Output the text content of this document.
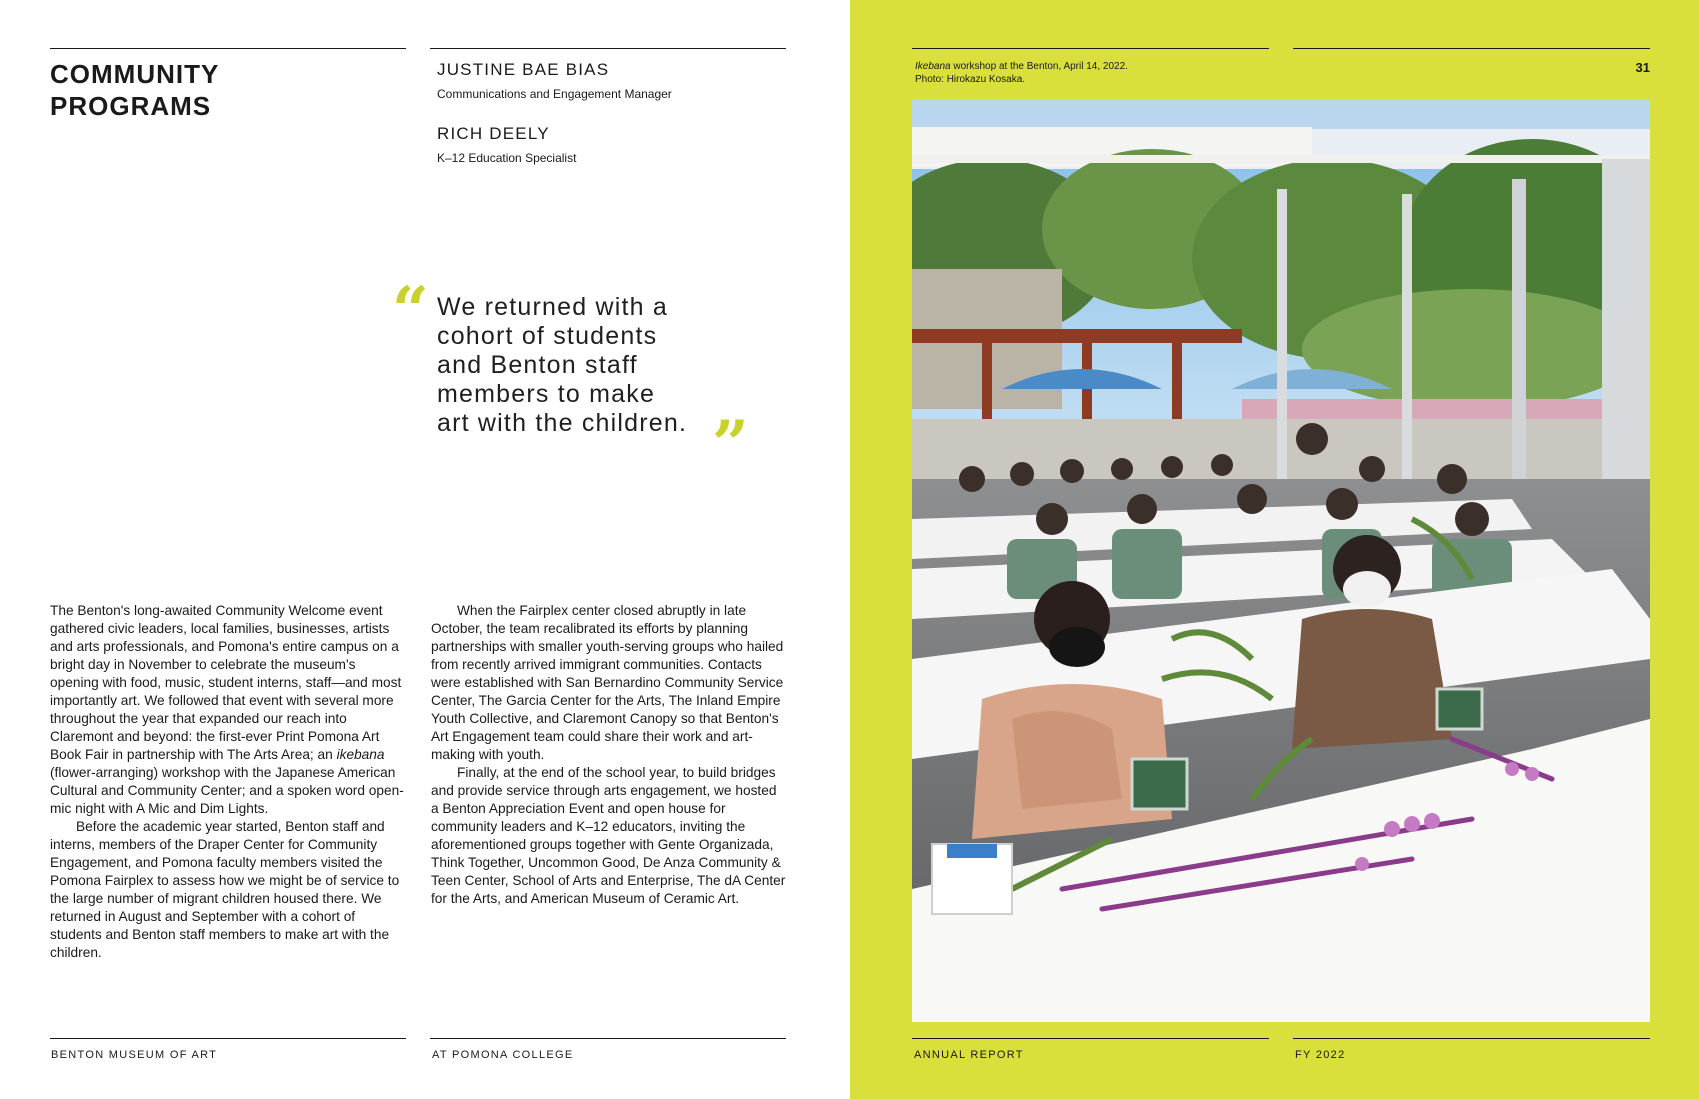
COMMUNITY
PROGRAMS
JUSTINE BAE BIAS
Communications and Engagement Manager
RICH DEELY
K–12 Education Specialist
“ We returned with a
cohort of students
and Benton staff
members to make
art with the children. ”

The Benton's long-awaited Community Welcome event gathered civic leaders, local families, businesses, artists and arts professionals, and Pomona's entire campus on a bright day in November to celebrate the museum's opening with food, music, student interns, staff—and most importantly art. We followed that event with several more throughout the year that expanded our reach into Claremont and beyond: the first-ever Print Pomona Art Book Fair in partnership with The Arts Area; an ikebana (flower-arranging) workshop with the Japanese American Cultural and Community Center; and a spoken word open-mic night with A Mic and Dim Lights.

Before the academic year started, Benton staff and interns, members of the Draper Center for Community Engagement, and Pomona faculty members visited the Pomona Fairplex to assess how we might be of service to the large number of migrant children housed there. We returned in August and September with a cohort of students and Benton staff members to make art with the children.

When the Fairplex center closed abruptly in late October, the team recalibrated its efforts by planning partnerships with smaller youth-serving groups who hailed from recently arrived immigrant communities. Contacts were established with San Bernardino Community Service Center, The Garcia Center for the Arts, The Inland Empire Youth Collective, and Claremont Canopy so that Benton's Art Engagement team could share their work and art-making with youth.

Finally, at the end of the school year, to build bridges and provide service through arts engagement, we hosted a Benton Appreciation Event and open house for community leaders and K–12 educators, inviting the aforementioned groups together with Gente Organizada, Think Together, Uncommon Good, De Anza Community & Teen Center, School of Arts and Enterprise, The dA Center for the Arts, and American Museum of Ceramic Art.

BENTON MUSEUM OF ART	AT POMONA COLLEGE
Ikebana workshop at the Benton, April 14, 2022.
Photo: Hirokazu Kosaka.
31
ANNUAL REPORT	FY 2022
